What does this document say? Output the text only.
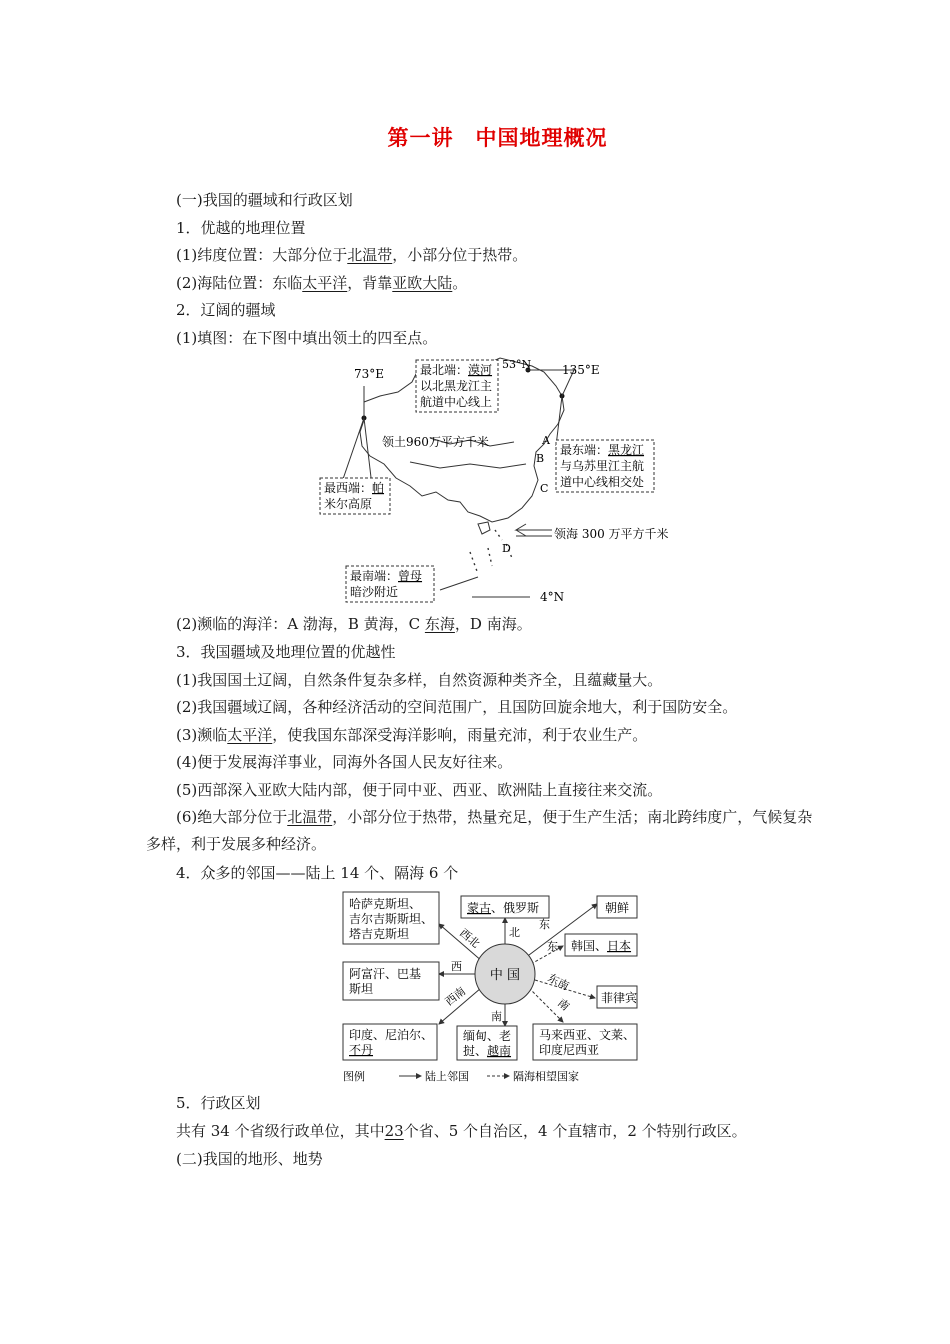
第一讲　中国地理概况
(一)我国的疆域和行政区划
1．优越的地理位置
(1)纬度位置：大部分位于北温带，小部分位于热带。
(2)海陆位置：东临太平洋，背靠亚欧大陆。
2．辽阔的疆域
(1)填图：在下图中填出领土的四至点。
73°E
53°N	135°E
4°N
最北端：漠河
以北黑龙江主
航道中心线上
领土960万平方千米	A
B
C
D
最东端：黑龙江
与乌苏里江主航
道中心线相交处
最西端：帕
米尔高原
领海 300 万平方千米
最南端：曾母
暗沙附近
(2)濒临的海洋：A 渤海，B 黄海，C 东海，D 南海。
3．我国疆域及地理位置的优越性
(1)我国国土辽阔，自然条件复杂多样，自然资源种类齐全，且蕴藏量大。
(2)我国疆域辽阔，各种经济活动的空间范围广，且国防回旋余地大，利于国防安全。
(3)濒临太平洋，使我国东部深受海洋影响，雨量充沛，利于农业生产。
(4)便于发展海洋事业，同海外各国人民友好往来。
(5)西部深入亚欧大陆内部，便于同中亚、西亚、欧洲陆上直接往来交流。
(6)绝大部分位于北温带，小部分位于热带，热量充足，便于生产生活；南北跨纬度广，气候复杂多样，利于发展多种经济。
4．众多的邻国——陆上 14 个、隔海 6 个
中 国
哈萨克斯坦、
吉尔吉斯斯坦、
塔吉克斯坦
蒙古、俄罗斯	朝鲜
韩国、日本
阿富汗、巴基
斯坦
菲律宾
印度、尼泊尔、
不丹
缅甸、老
挝、越南
马来西亚、文莱、
印度尼西亚
西北 北
东
东
西
西南
南
东南
南
图例	陆上邻国	隔海相望国家
5．行政区划
共有 34 个省级行政单位，其中23个省、5 个自治区，4 个直辖市，2 个特别行政区。
(二)我国的地形、地势
